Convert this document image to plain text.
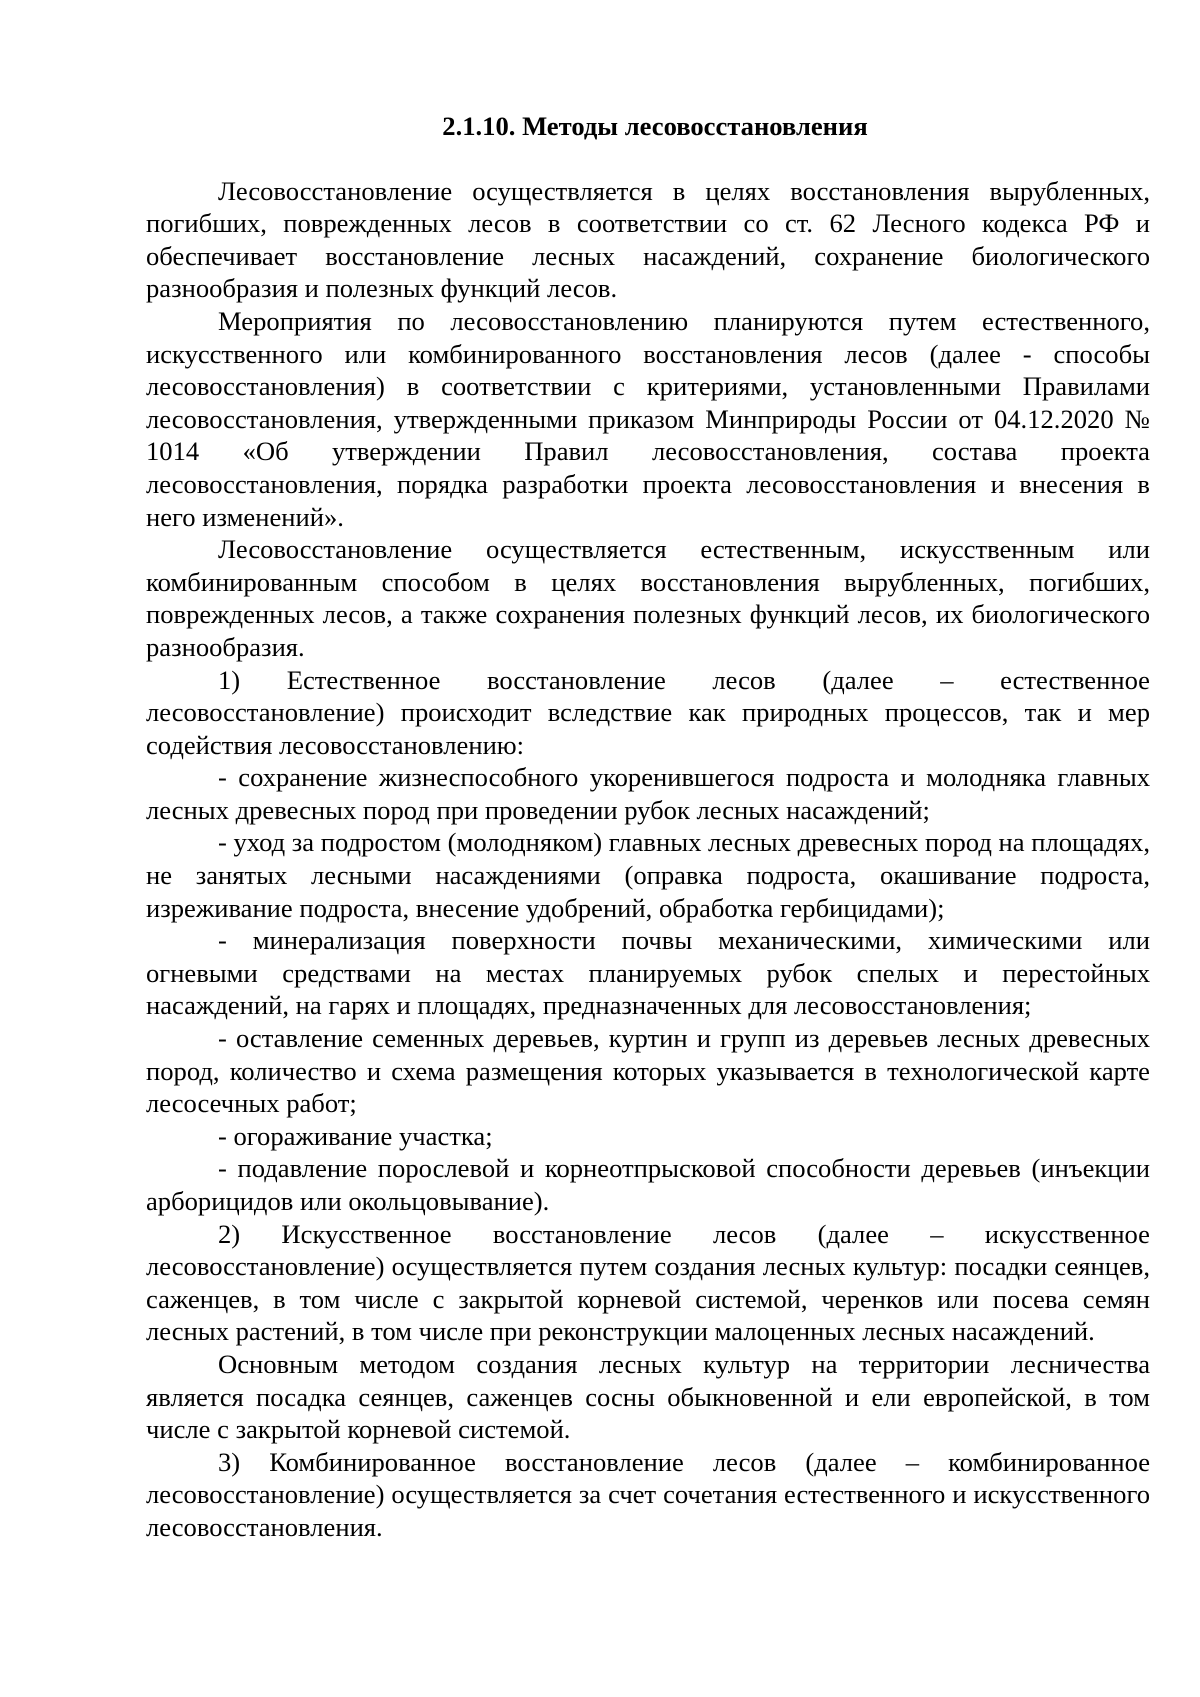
2.1.10. Методы лесовосстановления

Лесовосстановление осуществляется в целях восстановления вырубленных, погибших, поврежденных лесов в соответствии со ст. 62 Лесного кодекса РФ и обеспечивает восстановление лесных насаждений, сохранение биологического разнообразия и полезных функций лесов.

Мероприятия по лесовосстановлению планируются путем естественного, искусственного или комбинированного восстановления лесов (далее - способы лесовосстановления) в соответствии с критериями, установленными Правилами лесовосстановления, утвержденными приказом Минприроды России от 04.12.2020 № 1014 «Об утверждении Правил лесовосстановления, состава проекта лесовосстановления, порядка разработки проекта лесовосстановления и внесения в него изменений».

Лесовосстановление осуществляется естественным, искусственным или комбинированным способом в целях восстановления вырубленных, погибших, поврежденных лесов, а также сохранения полезных функций лесов, их биологического разнообразия.

1) Естественное восстановление лесов (далее – естественное лесовосстановление) происходит вследствие как природных процессов, так и мер содействия лесовосстановлению:

- сохранение жизнеспособного укоренившегося подроста и молодняка главных лесных древесных пород при проведении рубок лесных насаждений;

- уход за подростом (молодняком) главных лесных древесных пород на площадях, не занятых лесными насаждениями (оправка подроста, окашивание подроста, изреживание подроста, внесение удобрений, обработка гербицидами);

- минерализация поверхности почвы механическими, химическими или огневыми средствами на местах планируемых рубок спелых и перестойных насаждений, на гарях и площадях, предназначенных для лесовосстановления;

- оставление семенных деревьев, куртин и групп из деревьев лесных древесных пород, количество и схема размещения которых указывается в технологической карте лесосечных работ;

- огораживание участка;

- подавление порослевой и корнеотпрысковой способности деревьев (инъекции арборицидов или окольцовывание).

2) Искусственное восстановление лесов (далее – искусственное лесовосстановление) осуществляется путем создания лесных культур: посадки сеянцев, саженцев, в том числе с закрытой корневой системой, черенков или посева семян лесных растений, в том числе при реконструкции малоценных лесных насаждений.

Основным методом создания лесных культур на территории лесничества является посадка сеянцев, саженцев сосны обыкновенной и ели европейской, в том числе с закрытой корневой системой.

3) Комбинированное восстановление лесов (далее – комбинированное лесовосстановление) осуществляется за счет сочетания естественного и искусственного лесовосстановления.
